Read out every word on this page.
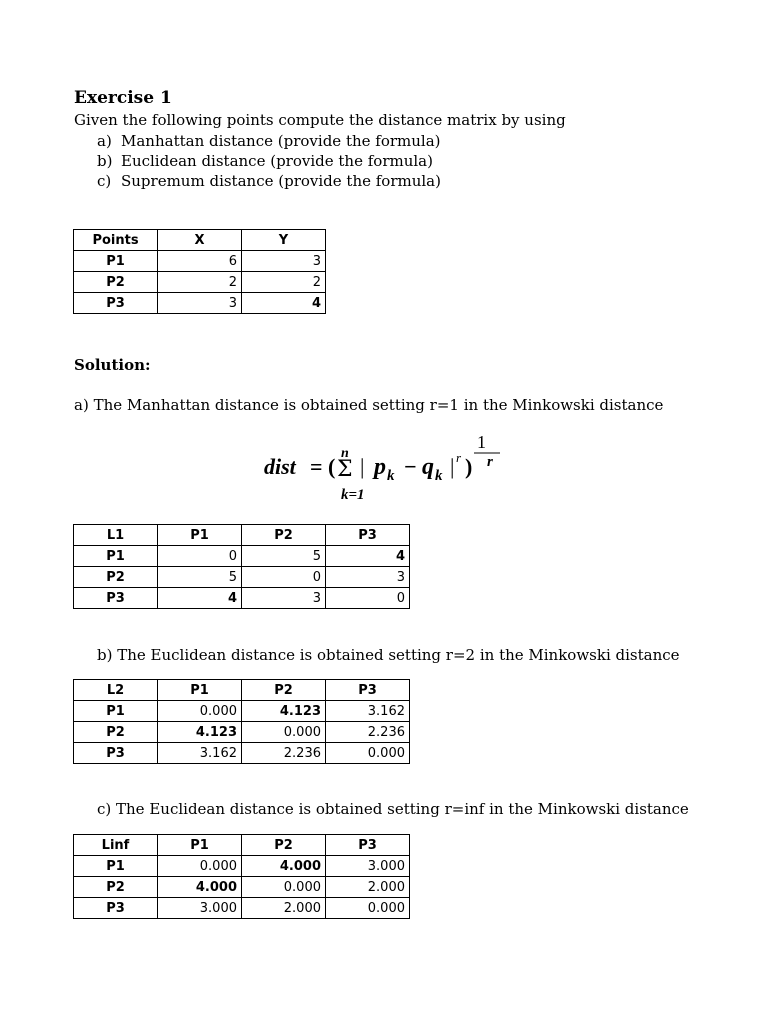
Exercise 1
Given the following points compute the distance matrix by using
a) Manhattan distance (provide the formula)
b) Euclidean distance (provide the formula)
c) Supremum distance (provide the formula)
Points	X	Y
P1	6	3
P2	2	2
P3	3	4
Solution:
a) The Manhattan distance is obtained setting r=1 in the Minkowski distance
dist = (
n
Σ
k=1
| p k − q k | r )
1
r
L1	P1	P2	P3
P1	0	5	4
P2	5	0	3
P3	4	3	0
b) The Euclidean distance is obtained setting r=2 in the Minkowski distance
L2	P1	P2	P3
P1	0.000	4.123	3.162
P2	4.123	0.000	2.236
P3	3.162	2.236	0.000
c) The Euclidean distance is obtained setting r=inf in the Minkowski distance
Linf	P1	P2	P3
P1	0.000	4.000	3.000
P2	4.000	0.000	2.000
P3	3.000	2.000	0.000
